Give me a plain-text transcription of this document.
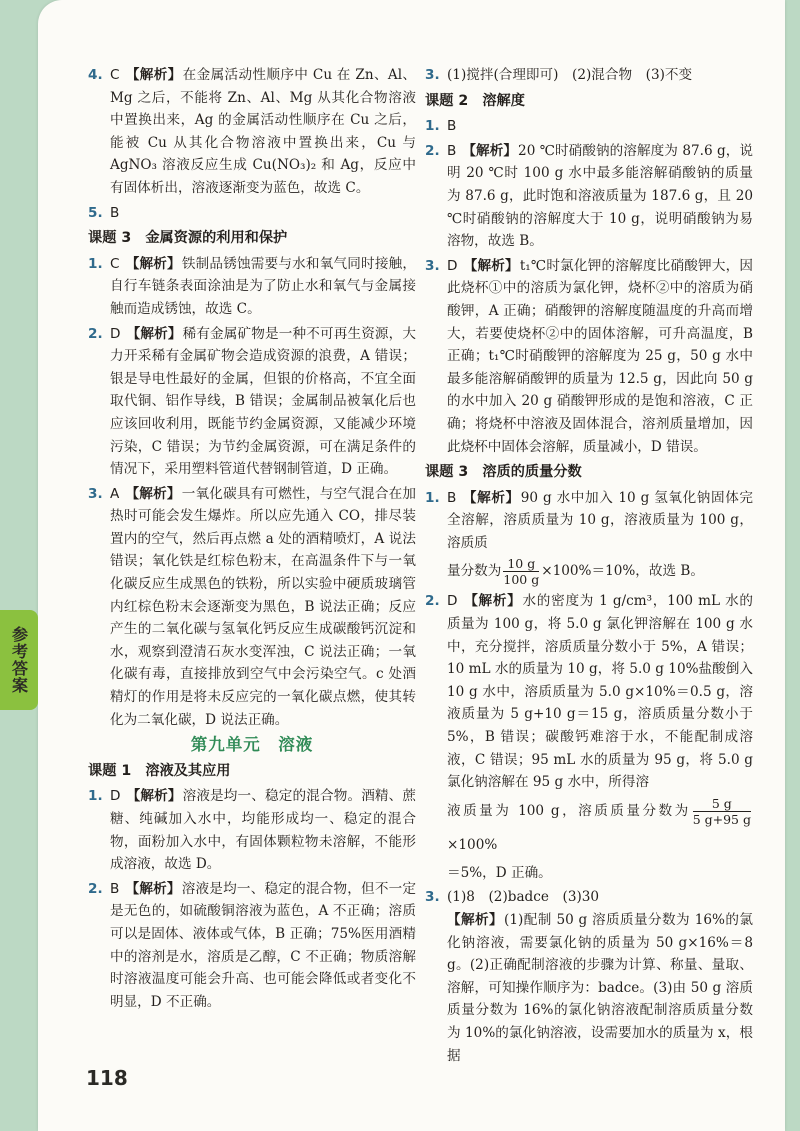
参考答案
4. C 【解析】在金属活动性顺序中 Cu 在 Zn、Al、Mg 之后，不能将 Zn、Al、Mg 从其化合物溶液中置换出来，Ag 的金属活动性顺序在 Cu 之后，能被 Cu 从其化合物溶液中置换出来，Cu 与 AgNO₃ 溶液反应生成 Cu(NO₃)₂ 和 Ag，反应中有固体析出，溶液逐渐变为蓝色，故选 C。
5. B
课题 3　金属资源的利用和保护
1. C 【解析】铁制品锈蚀需要与水和氧气同时接触，自行车链条表面涂油是为了防止水和氧气与金属接触而造成锈蚀，故选 C。
2. D 【解析】稀有金属矿物是一种不可再生资源，大力开采稀有金属矿物会造成资源的浪费，A 错误；银是导电性最好的金属，但银的价格高，不宜全面取代铜、铝作导线，B 错误；金属制品被氧化后也应该回收利用，既能节约金属资源，又能减少环境污染，C 错误；为节约金属资源，可在满足条件的情况下，采用塑料管道代替钢制管道，D 正确。
3. A 【解析】一氧化碳具有可燃性，与空气混合在加热时可能会发生爆炸。所以应先通入 CO，排尽装置内的空气，然后再点燃 a 处的酒精喷灯，A 说法错误；氧化铁是红棕色粉末，在高温条件下与一氧化碳反应生成黑色的铁粉，所以实验中硬质玻璃管内红棕色粉末会逐渐变为黑色，B 说法正确；反应产生的二氧化碳与氢氧化钙反应生成碳酸钙沉淀和水，观察到澄清石灰水变浑浊，C 说法正确；一氧化碳有毒，直接排放到空气中会污染空气。c 处酒精灯的作用是将未反应完的一氧化碳点燃，使其转化为二氧化碳，D 说法正确。
第九单元　溶液
课题 1　溶液及其应用
1. D 【解析】溶液是均一、稳定的混合物。酒精、蔗糖、纯碱加入水中，均能形成均一、稳定的混合物，面粉加入水中，有固体颗粒物未溶解，不能形成溶液，故选 D。
2. B 【解析】溶液是均一、稳定的混合物，但不一定是无色的，如硫酸铜溶液为蓝色，A 不正确；溶质可以是固体、液体或气体，B 正确；75%医用酒精中的溶剂是水，溶质是乙醇，C 不正确；物质溶解时溶液温度可能会升高、也可能会降低或者变化不明显，D 不正确。
3. (1)搅拌(合理即可)　(2)混合物　(3)不变
课题 2　溶解度
1. B
2. B 【解析】20 ℃时硝酸钠的溶解度为 87.6 g，说明 20 ℃时 100 g 水中最多能溶解硝酸钠的质量为 87.6 g，此时饱和溶液质量为 187.6 g，且 20 ℃时硝酸钠的溶解度大于 10 g，说明硝酸钠为易溶物，故选 B。
3. D 【解析】t₁℃时氯化钾的溶解度比硝酸钾大，因此烧杯①中的溶质为氯化钾，烧杯②中的溶质为硝酸钾，A 正确；硝酸钾的溶解度随温度的升高而增大，若要使烧杯②中的固体溶解，可升高温度，B 正确；t₁℃时硝酸钾的溶解度为 25 g，50 g 水中最多能溶解硝酸钾的质量为 12.5 g，因此向 50 g 的水中加入 20 g 硝酸钾形成的是饱和溶液，C 正确；将烧杯中溶液及固体混合，溶剂质量增加，因此烧杯中固体会溶解，质量减小，D 错误。
课题 3　溶质的质量分数
1. B 【解析】90 g 水中加入 10 g 氢氧化钠固体完全溶解，溶质质量为 10 g，溶液质量为 100 g，溶质质
量分数为 $\frac{10 g}{100 g} \times 100\%=10\%$，故选 B。
2. D 【解析】水的密度为 1 g/cm³，100 mL 水的质量为 100 g，将 5.0 g 氯化钾溶解在 100 g 水中，充分搅拌，溶质质量分数小于 5%，A 错误；10 mL 水的质量为 10 g，将 5.0 g 10%盐酸倒入 10 g 水中，溶质质量为 5.0 g×10%＝0.5 g，溶液质量为 5 g+10 g＝15 g，溶质质量分数小于 5%，B 错误；碳酸钙难溶于水，不能配制成溶液，C 错误；95 mL 水的质量为 95 g，将 5.0 g 氯化钠溶解在 95 g 水中，所得溶
液质量为 100 g，溶质质量分数为 $\frac{5 g}{5 g+95 g}$
×100%
＝5%，D 正确。
3. (1)8　(2)badce　(3)30
【解析】(1)配制 50 g 溶质质量分数为 16%的氯化钠溶液，需要氯化钠的质量为 50 g×16%＝8 g。(2)正确配制溶液的步骤为计算、称量、量取、溶解，可知操作顺序为：badce。(3)由 50 g 溶质质量分数为 16%的氯化钠溶液配制溶质质量分数为 10%的氯化钠溶液，设需要加水的质量为 x，根据
118
